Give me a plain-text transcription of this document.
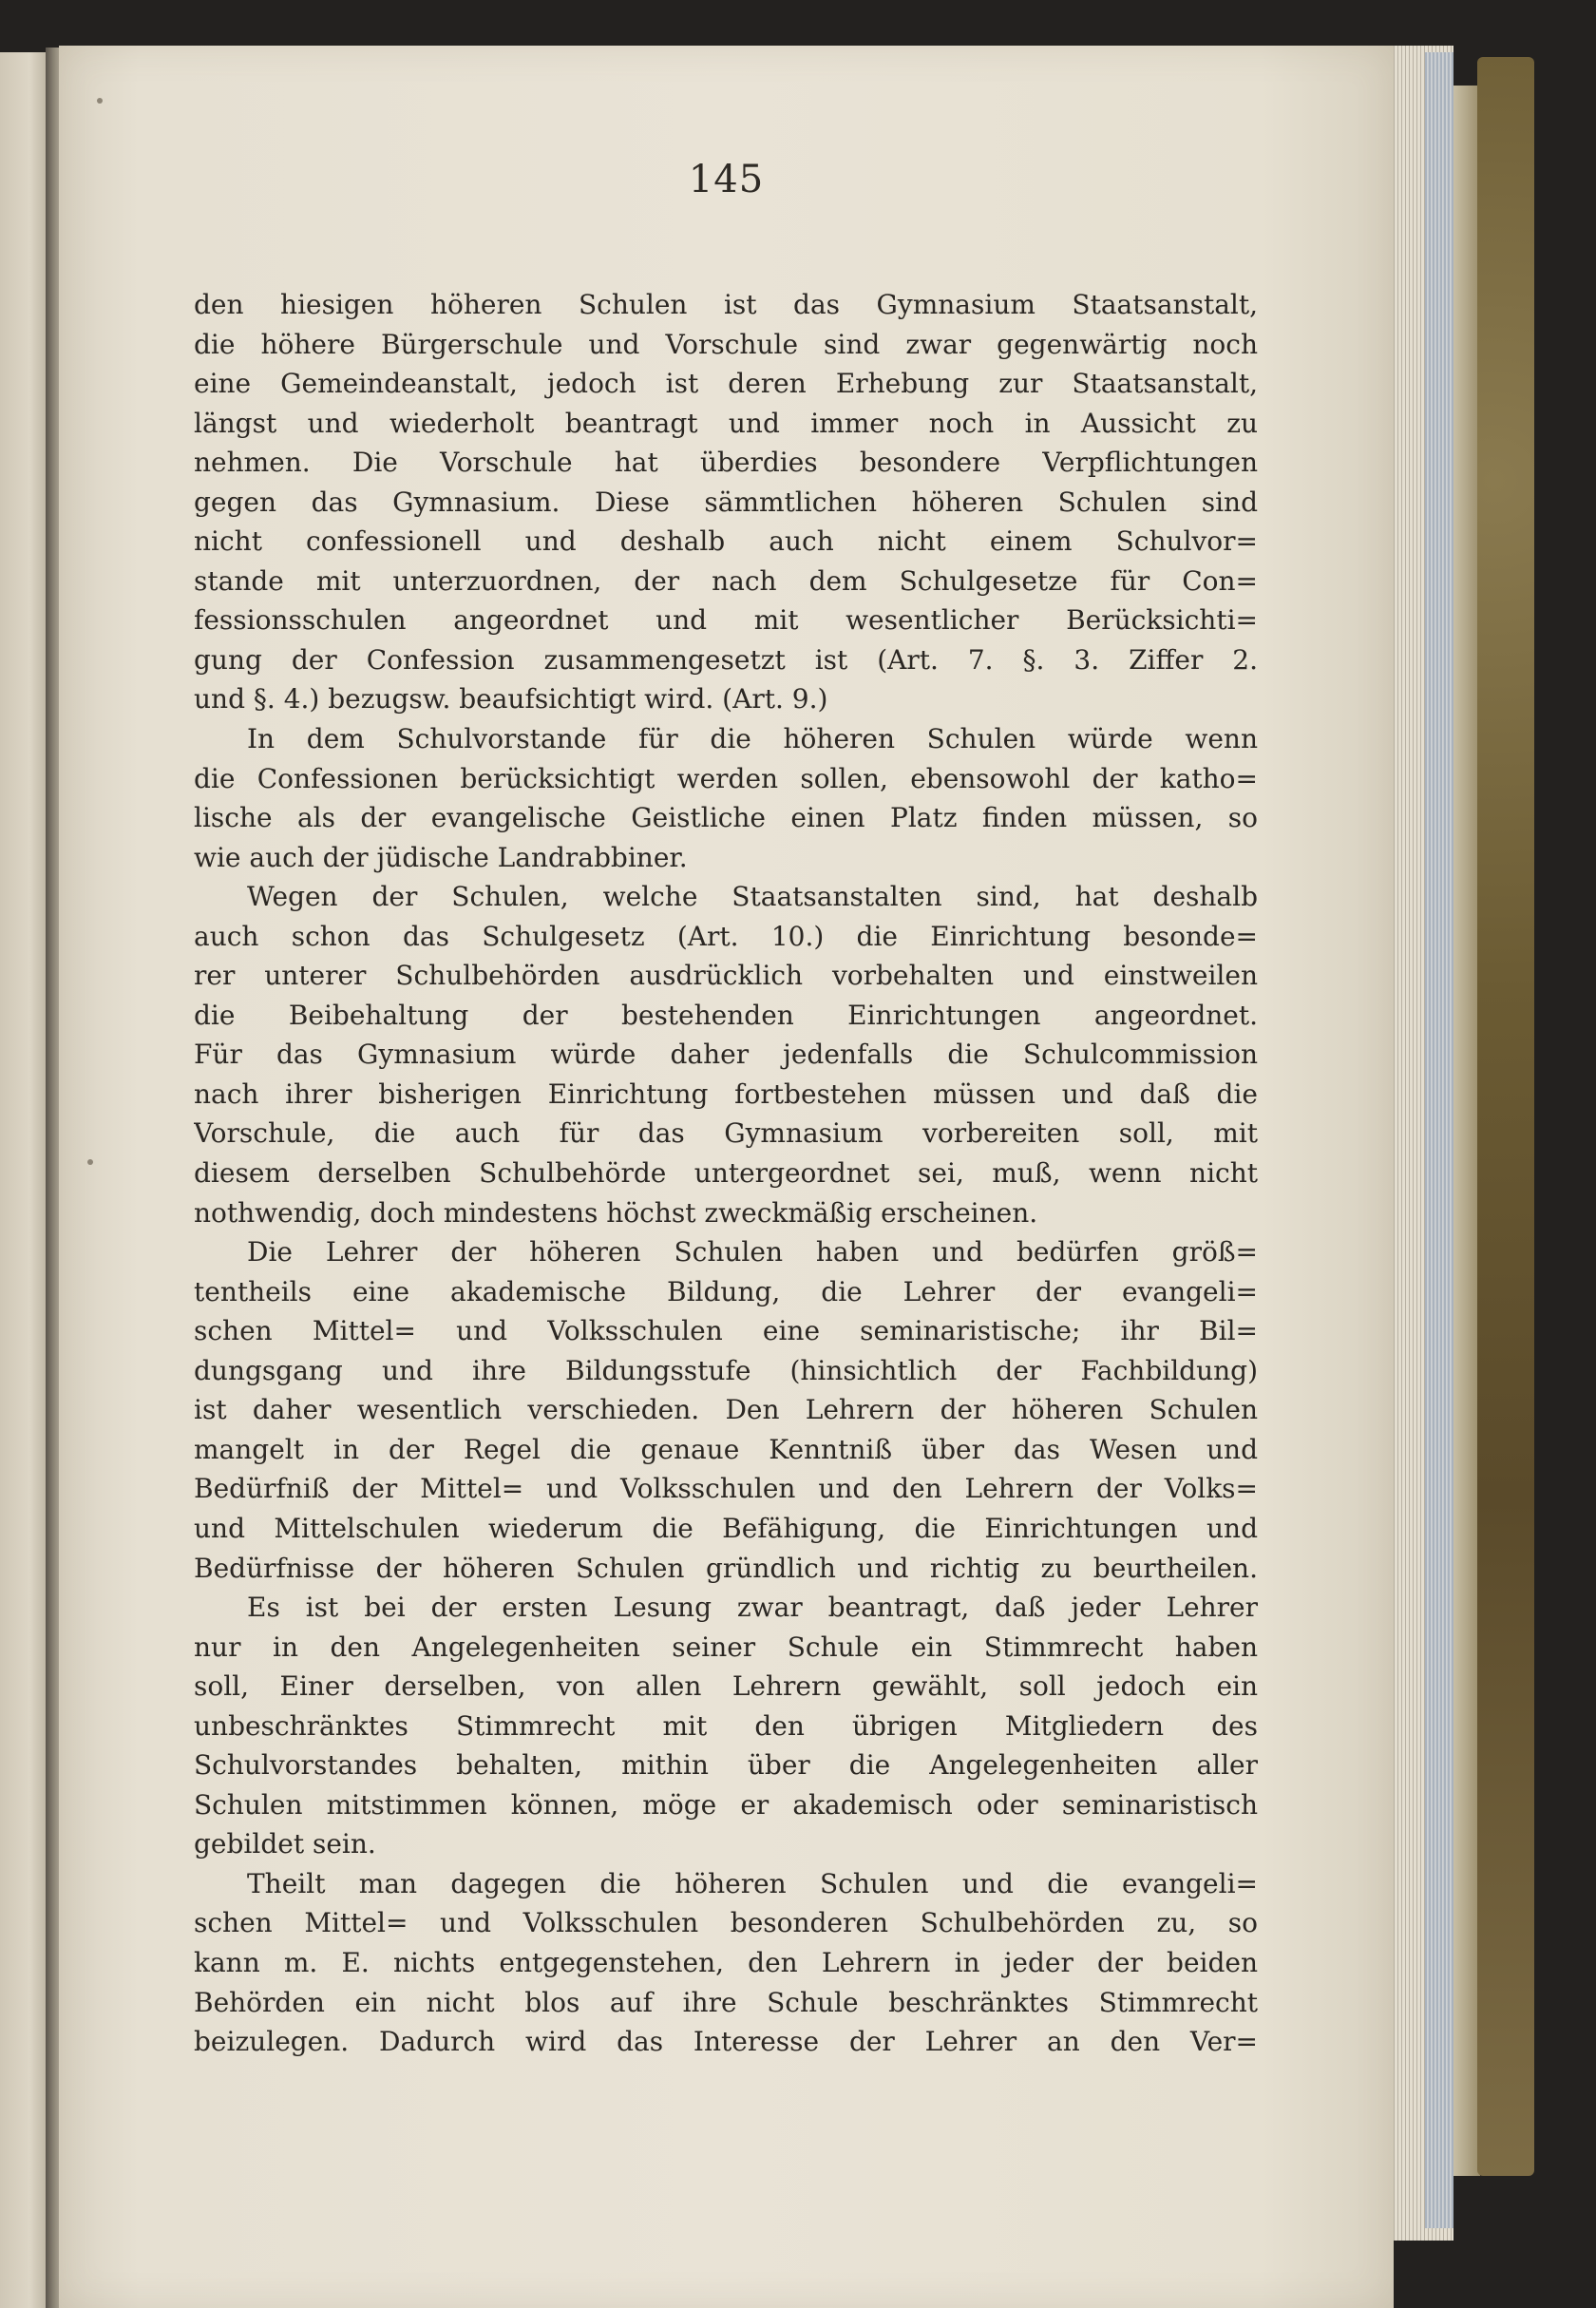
145
den hiesigen höheren Schulen ist das Gymnasium Staatsanstalt,
die höhere Bürgerschule und Vorschule sind zwar gegenwärtig noch
eine Gemeindeanstalt, jedoch ist deren Erhebung zur Staatsanstalt,
längst und wiederholt beantragt und immer noch in Aussicht zu
nehmen. Die Vorschule hat überdies besondere Verpflichtungen
gegen das Gymnasium. Diese sämmtlichen höheren Schulen sind
nicht confessionell und deshalb auch nicht einem Schulvor=
stande mit unterzuordnen, der nach dem Schulgesetze für Con=
fessionsschulen angeordnet und mit wesentlicher Berücksichti=
gung der Confession zusammengesetzt ist (Art. 7. §. 3. Ziffer 2.
und §. 4.) bezugsw. beaufsichtigt wird. (Art. 9.)
In dem Schulvorstande für die höheren Schulen würde wenn
die Confessionen berücksichtigt werden sollen, ebensowohl der katho=
lische als der evangelische Geistliche einen Platz finden müssen, so
wie auch der jüdische Landrabbiner.
Wegen der Schulen, welche Staatsanstalten sind, hat deshalb
auch schon das Schulgesetz (Art. 10.) die Einrichtung besonde=
rer unterer Schulbehörden ausdrücklich vorbehalten und einstweilen
die Beibehaltung der bestehenden Einrichtungen angeordnet.
Für das Gymnasium würde daher jedenfalls die Schulcommission
nach ihrer bisherigen Einrichtung fortbestehen müssen und daß die
Vorschule, die auch für das Gymnasium vorbereiten soll, mit
diesem derselben Schulbehörde untergeordnet sei, muß, wenn nicht
nothwendig, doch mindestens höchst zweckmäßig erscheinen.
Die Lehrer der höheren Schulen haben und bedürfen größ=
tentheils eine akademische Bildung, die Lehrer der evangeli=
schen Mittel= und Volksschulen eine seminaristische; ihr Bil=
dungsgang und ihre Bildungsstufe (hinsichtlich der Fachbildung)
ist daher wesentlich verschieden. Den Lehrern der höheren Schulen
mangelt in der Regel die genaue Kenntniß über das Wesen und
Bedürfniß der Mittel= und Volksschulen und den Lehrern der Volks=
und Mittelschulen wiederum die Befähigung, die Einrichtungen und
Bedürfnisse der höheren Schulen gründlich und richtig zu beurtheilen.
Es ist bei der ersten Lesung zwar beantragt, daß jeder Lehrer
nur in den Angelegenheiten seiner Schule ein Stimmrecht haben
soll, Einer derselben, von allen Lehrern gewählt, soll jedoch ein
unbeschränktes Stimmrecht mit den übrigen Mitgliedern des
Schulvorstandes behalten, mithin über die Angelegenheiten aller
Schulen mitstimmen können, möge er akademisch oder seminaristisch
gebildet sein.
Theilt man dagegen die höheren Schulen und die evangeli=
schen Mittel= und Volksschulen besonderen Schulbehörden zu, so
kann m. E. nichts entgegenstehen, den Lehrern in jeder der beiden
Behörden ein nicht blos auf ihre Schule beschränktes Stimmrecht
beizulegen. Dadurch wird das Interesse der Lehrer an den Ver=
